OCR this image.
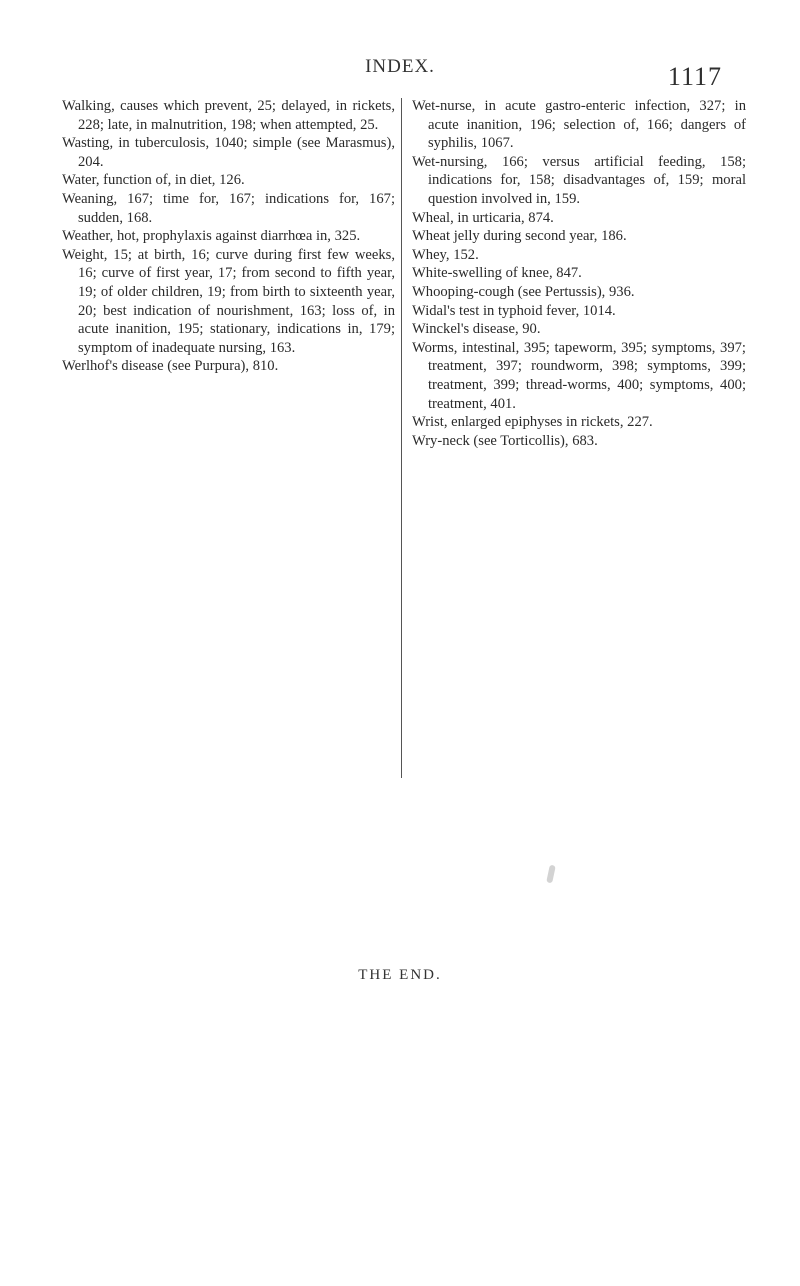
INDEX.	1117
Walking, causes which prevent, 25; delayed, in rickets, 228; late, in malnutrition, 198; when attempted, 25.
Wasting, in tuberculosis, 1040; simple (see Marasmus), 204.
Water, function of, in diet, 126.
Weaning, 167; time for, 167; indications for, 167; sudden, 168.
Weather, hot, prophylaxis against diarrhœa in, 325.
Weight, 15; at birth, 16; curve during first few weeks, 16; curve of first year, 17; from second to fifth year, 19; of older children, 19; from birth to sixteenth year, 20; best indication of nourishment, 163; loss of, in acute inanition, 195; stationary, indications in, 179; symptom of inadequate nursing, 163.
Werlhof's disease (see Purpura), 810.
Wet-nurse, in acute gastro-enteric infection, 327; in acute inanition, 196; selection of, 166; dangers of syphilis, 1067.
Wet-nursing, 166; versus artificial feeding, 158; indications for, 158; disadvantages of, 159; moral question involved in, 159.
Wheal, in urticaria, 874.
Wheat jelly during second year, 186.
Whey, 152.
White-swelling of knee, 847.
Whooping-cough (see Pertussis), 936.
Widal's test in typhoid fever, 1014.
Winckel's disease, 90.
Worms, intestinal, 395; tapeworm, 395; symptoms, 397; treatment, 397; roundworm, 398; symptoms, 399; treatment, 399; thread-worms, 400; symptoms, 400; treatment, 401.
Wrist, enlarged epiphyses in rickets, 227.
Wry-neck (see Torticollis), 683.
THE END.
